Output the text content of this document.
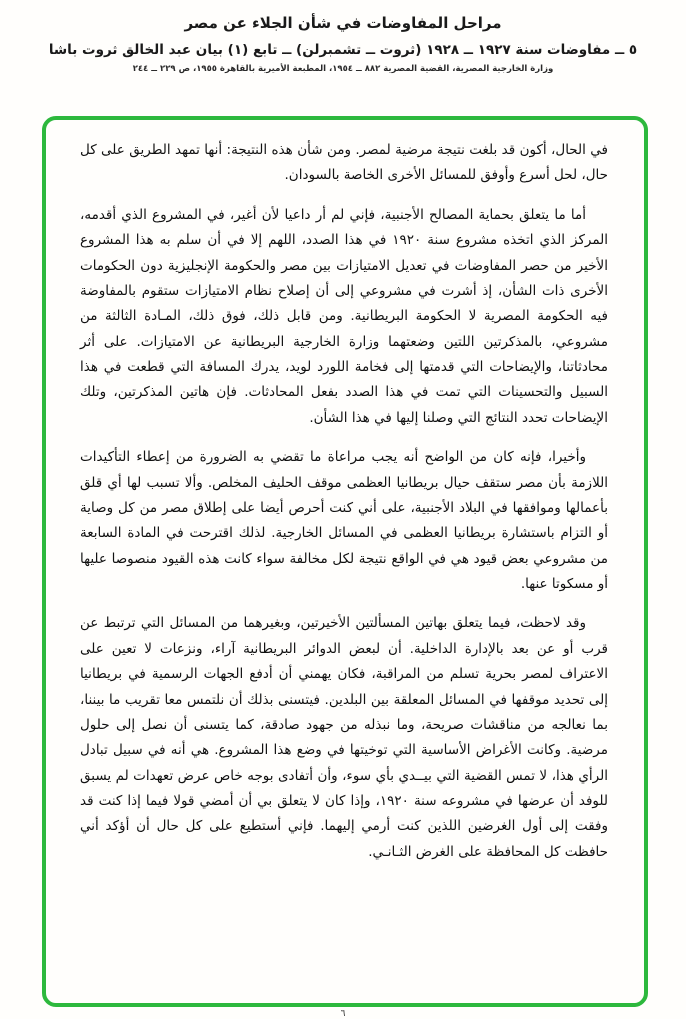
مراحل المفاوضات في شأن الجلاء عن مصر
٥ ــ مفاوضات سنة ١٩٢٧ ــ ١٩٢٨ (ثروت ــ تشمبرلن) ــ تابع (١) بيان عبد الخالق ثروت باشا
وزارة الخارجية المصرية، القضية المصرية ٨٨٢ ــ ١٩٥٤، المطبعة الأميرية بالقاهرة ١٩٥٥، ص ٢٢٩ ــ ٢٤٤

في الحال، أكون قد بلغت نتيجة مرضية لمصر. ومن شأن هذه النتيجة: أنها تمهد الطريق على كل حال، لحل أسرع وأوفق للمسائل الأخرى الخاصة بالسودان.

أما ما يتعلق بحماية المصالح الأجنبية، فإني لم أر داعيا لأن أغير، في المشروع الذي أقدمه، المركز الذي اتخذه مشروع سنة ١٩٢٠ في هذا الصدد، اللهم إلا في أن سلم به هذا المشروع الأخير من حصر المفاوضات في تعديل الامتيازات بين مصر والحكومة الإنجليزية دون الحكومات الأخرى ذات الشأن، إذ أشرت في مشروعي إلى أن إصلاح نظام الامتيازات ستقوم بالمفاوضة فيه الحكومة المصرية لا الحكومة البريطانية. ومن قابل ذلك، فوق ذلك، المـادة الثالثة من مشروعي، بالمذكرتين اللتين وضعتهما وزارة الخارجية البريطانية عن الامتيازات. على أثر محادثاتنا، والإيضاحات التي قدمتها إلى فخامة اللورد لويد، يدرك المسافة التي قطعت في هذا السبيل والتحسينات التي تمت في هذا الصدد بفعل المحادثات. فإن هاتين المذكرتين، وتلك الإيضاحات تحدد النتائج التي وصلنا إليها في هذا الشأن.

وأخيرا، فإنه كان من الواضح أنه يجب مراعاة ما تقضي به الضرورة من إعطاء التأكيدات اللازمة بأن مصر ستقف حيال بريطانيا العظمى موقف الحليف المخلص. وألا تسبب لها أي قلق بأعمالها وموافقها في البلاد الأجنبية، على أني كنت أحرص أيضا على إطلاق مصر من كل وصاية أو التزام باستشارة بريطانيا العظمى في المسائل الخارجية. لذلك اقترحت في المادة السابعة من مشروعي بعض قيود هي في الواقع نتيجة لكل مخالفة سواء كانت هذه القيود منصوصا عليها أو مسكوتا عنها.

وقد لاحظت، فيما يتعلق بهاتين المسألتين الأخيرتين، وبغيرهما من المسائل التي ترتبط عن قرب أو عن بعد بالإدارة الداخلية. أن لبعض الدوائر البريطانية آراء، ونزعات لا تعين على الاعتراف لمصر بحرية تسلم من المراقبة، فكان يهمني أن أدفع الجهات الرسمية في بريطانيا إلى تحديد موقفها في المسائل المعلقة بين البلدين. فيتسنى بذلك أن نلتمس معا تقريب ما بيننا، بما نعالجه من مناقشات صريحة، وما نبذله من جهود صادقة، كما يتسنى أن نصل إلى حلول مرضية. وكانت الأغراض الأساسية التي توخيتها في وضع هذا المشروع. هي أنه في سبيل تبادل الرأي هذا، لا تمس القضية التي بيــدي بأي سوء، وأن أتفادى بوجه خاص عرض تعهدات لم يسبق للوفد أن عرضها في مشروعه سنة ١٩٢٠، وإذا كان لا يتعلق بي أن أمضي قولا فيما إذا كنت قد وفقت إلى أول الغرضين اللذين كنت أرمي إليهما. فإني أستطيع على كل حال أن أؤكد أني حافظت كل المحافظة على الغرض الثـانـي.

٦
